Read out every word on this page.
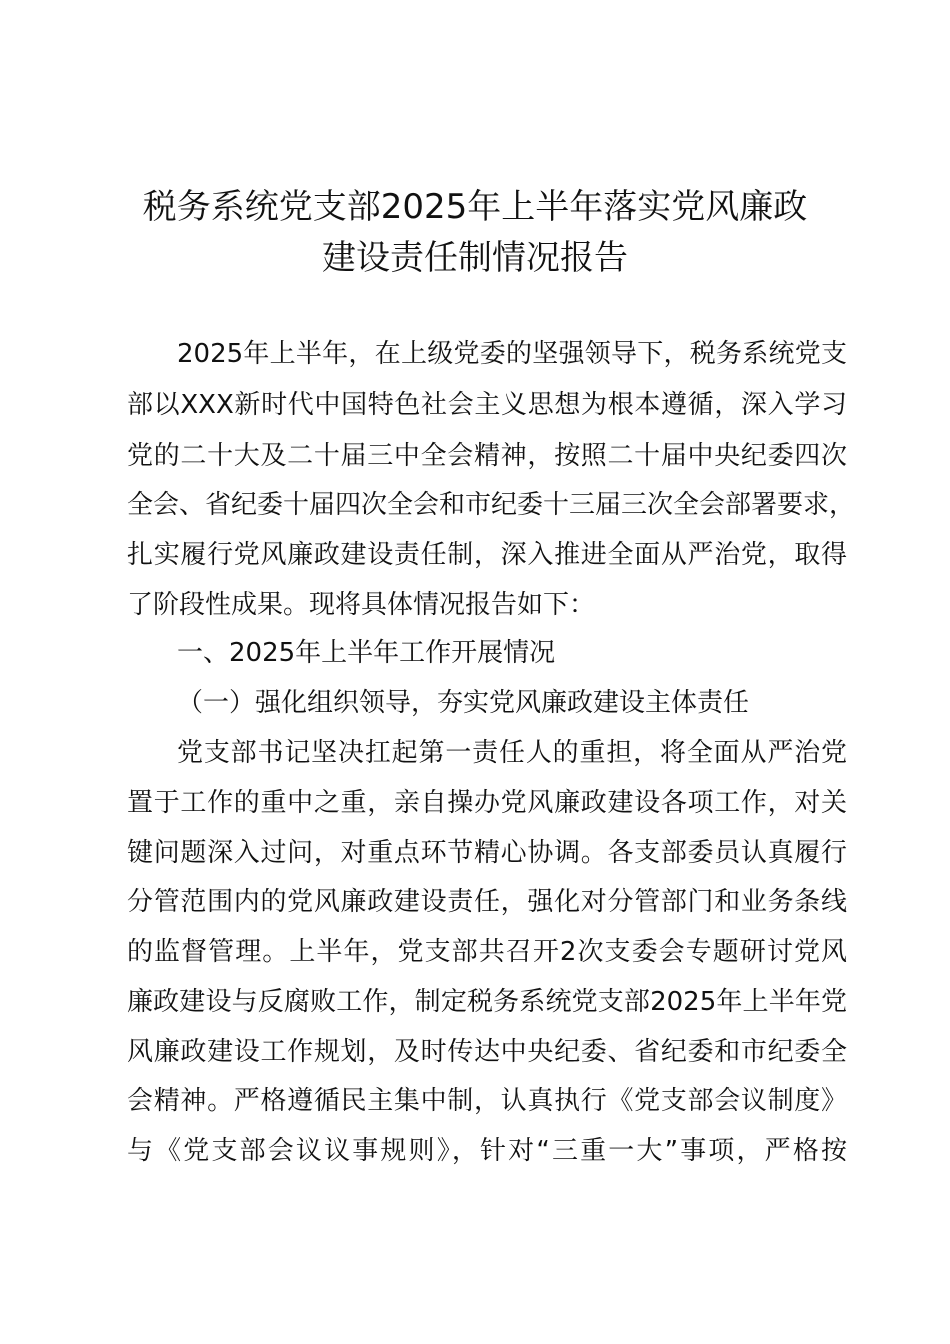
税务系统党支部2025年上半年落实党风廉政
建设责任制情况报告
2025年上半年，在上级党委的坚强领导下，税务系统党支
部以XXX新时代中国特色社会主义思想为根本遵循，深入学习
党的二十大及二十届三中全会精神，按照二十届中央纪委四次
全会、省纪委十届四次全会和市纪委十三届三次全会部署要求，
扎实履行党风廉政建设责任制，深入推进全面从严治党，取得
了阶段性成果。现将具体情况报告如下：
一、2025年上半年工作开展情况
（一）强化组织领导，夯实党风廉政建设主体责任
党支部书记坚决扛起第一责任人的重担，将全面从严治党
置于工作的重中之重，亲自操办党风廉政建设各项工作，对关
键问题深入过问，对重点环节精心协调。各支部委员认真履行
分管范围内的党风廉政建设责任，强化对分管部门和业务条线
的监督管理。上半年，党支部共召开2次支委会专题研讨党风
廉政建设与反腐败工作，制定税务系统党支部2025年上半年党
风廉政建设工作规划，及时传达中央纪委、省纪委和市纪委全
会精神。严格遵循民主集中制，认真执行《党支部会议制度》
与《党支部会议议事规则》，针对“三重一大”事项，严格按
